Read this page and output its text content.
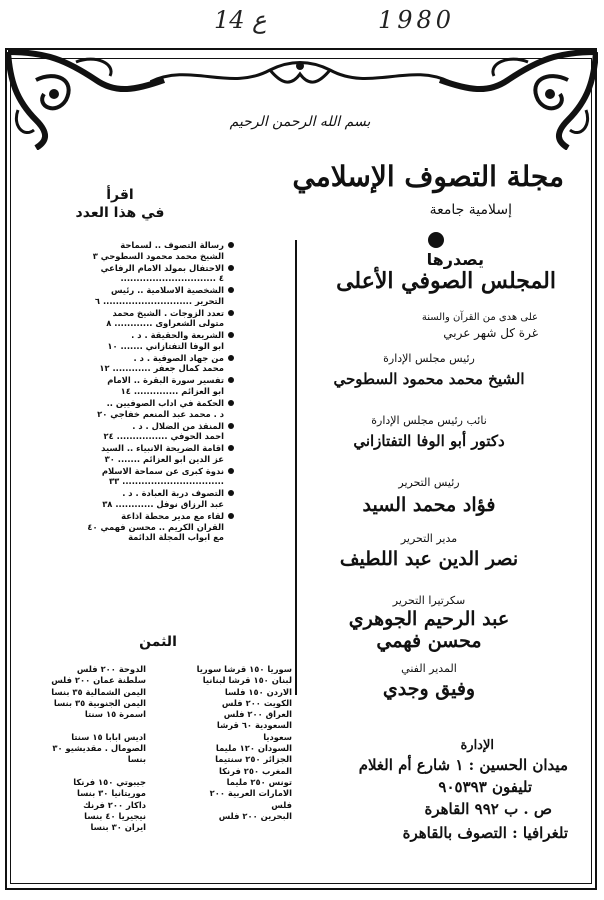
14 ع	1980
بسم الله الرحمن الرحيم
مجلة التصوف الإسلامي
إسلامية جامعة
يصدرها
المجلس الصوفي الأعلى
على هدى من القرآن والسنة
غرة كل شهر عربي
رئيس مجلس الإدارة
الشيخ محمد محمود السطوحي
نائب رئيس مجلس الإدارة
دكتور أبو الوفا التفتازاني
رئيس التحرير
فؤاد محمد السيد
مدير التحرير
نصر الدين عبد اللطيف
سكرتيرا التحرير
عبد الرحيم الجوهري
محسن فهمي
المدير الفني
وفيق وجدي
الإدارة
ميدان الحسين : ١ شارع أم الغلام
تليفون ٩٠٥٣٩٣
ص . ب ٩٩٢ القاهرة
تلغرافيا : التصوف بالقاهرة
اقرأ
في هذا العدد
رسالة التصوف .. لسماحة
الشيخ محمد محمود السطوحي ٣
الاحتفال بمولد الامام الرفاعي
٤ ..............................
الشخصية الاسلامية .. رئيس
التحرير ............................ ٦
تعدد الزوجات . الشيخ محمد
متولى الشعراوى ............ ٨
الشريعة والحقيقة . د .
ابو الوفا التفتازاني ....... ١٠
من جهاد الصوفية . د .
محمد كمال جعفر ............ ١٢
تفسير سورة البقرة .. الامام
ابو العزائم .............. ١٤
الحكمة في اداب الصوفيين ..
د . محمد عبد المنعم خفاجي ٢٠
المنقذ من الضلال . د .
احمد الحوفي ................ ٢٤
اقامة الضريحة الانبياء .. السيد
عز الدين ابو العزائم ....... ٣٠
ندوة كبرى عن سماحة الاسلام
................................ ٣٣
التصوف دربة العبادة . د .
عبد الرزاق نوفل ............ ٣٨
لقاء مع مدير محطة اذاعة
القران الكريم .. محسن فهمي ٤٠
مع ابواب المجلة الدائمة
الثمن
سوريا ١٥٠ قرشا سوريا
لبنان ١٥٠ قرشا لبنانيا
الاردن ١٥٠ فلسا
الكويت ٢٠٠ فلس
العراق ٢٠٠ فلس
السعودية ٦٠ قرشا
سعوديا
السودان ١٢٠ مليما
الجزائر ٢٥٠ سنتيما
المغرب ٢٥٠ فرنكا
تونس ٢٥٠ مليما
الامارات العربية ٢٠٠
فلس
البحرين ٢٠٠ فلس
الدوحة ٢٠٠ فلس
سلطنة عمان ٢٠٠ فلس
اليمن الشمالية ٣٥ بنسا
اليمن الجنوبية ٣٥ بنسا
اسمرة ١٥ سنتا

اديس ابابا ١٥ سنتا
الصومال . مقديشيو ٣٠
بنسا

جيبوتي ١٥٠ فرنكا
موريتانيا ٣٠ بنسا
داكار ٢٠٠ فرنك
نيجيريا ٤٠ بنسا
ايران ٣٠ بنسا
